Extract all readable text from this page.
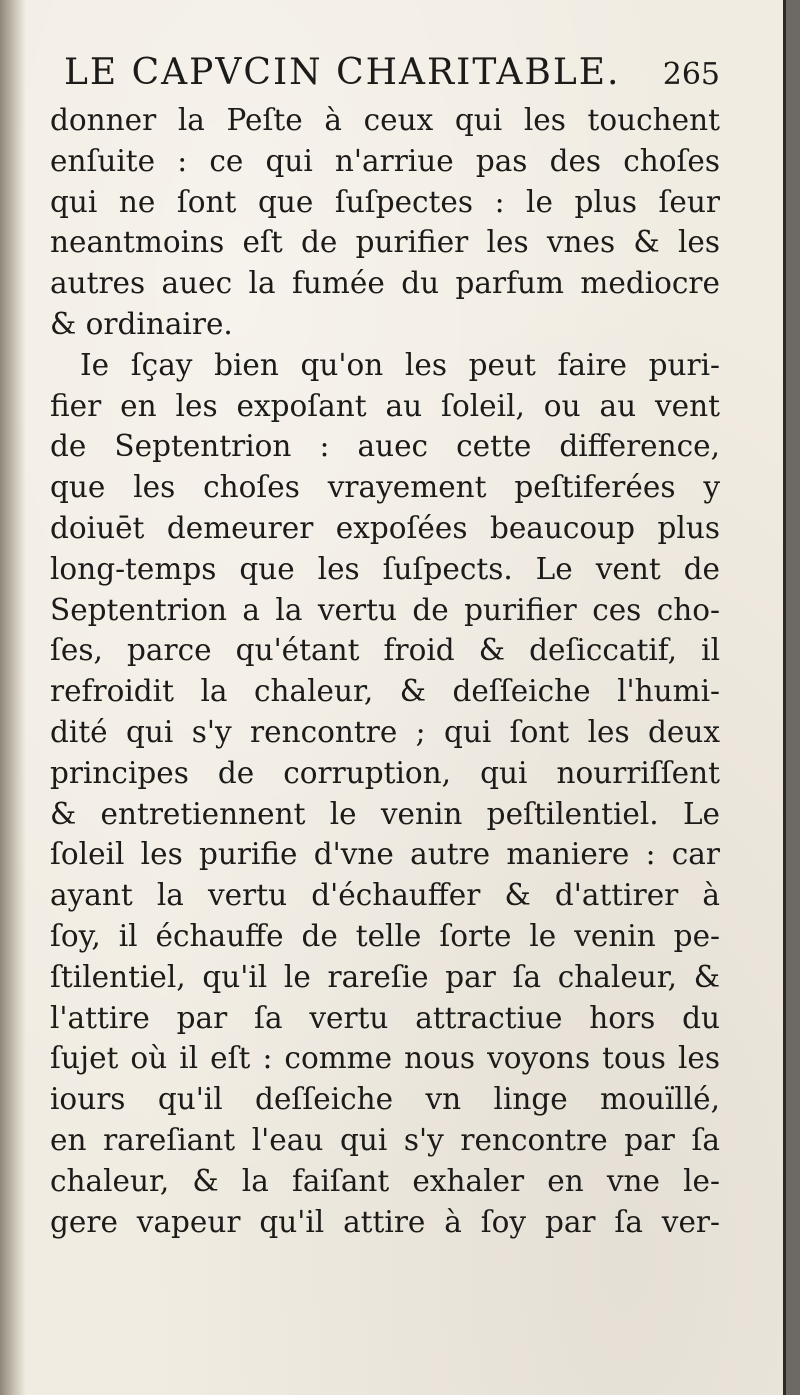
LE CAPVCIN CHARITABLE. 265
donner la Peſte à ceux qui les touchent
enſuite : ce qui n'arriue pas des choſes
qui ne ſont que ſuſpectes : le plus ſeur
neantmoins eſt de purifier les vnes & les
autres auec la fumée du parfum mediocre
& ordinaire.
Ie ſçay bien qu'on les peut faire puri-
fier en les expoſant au ſoleil, ou au vent
de Septentrion : auec cette difference,
que les choſes vrayement peſtiferées y
doiuēt demeurer expoſées beaucoup plus
long-temps que les ſuſpects. Le vent de
Septentrion a la vertu de purifier ces cho-
ſes, parce qu'étant froid & deſiccatif, il
refroidit la chaleur, & deſſeiche l'humi-
dité qui s'y rencontre ; qui ſont les deux
principes de corruption, qui nourriſſent
& entretiennent le venin peſtilentiel. Le
ſoleil les purifie d'vne autre maniere : car
ayant la vertu d'échauffer & d'attirer à
ſoy, il échauffe de telle ſorte le venin pe-
ſtilentiel, qu'il le rareſie par ſa chaleur, &
l'attire par ſa vertu attractiue hors du
ſujet où il eſt : comme nous voyons tous les
iours qu'il deſſeiche vn linge mouïllé,
en rareſiant l'eau qui s'y rencontre par ſa
chaleur, & la faiſant exhaler en vne le-
gere vapeur qu'il attire à ſoy par ſa ver-
